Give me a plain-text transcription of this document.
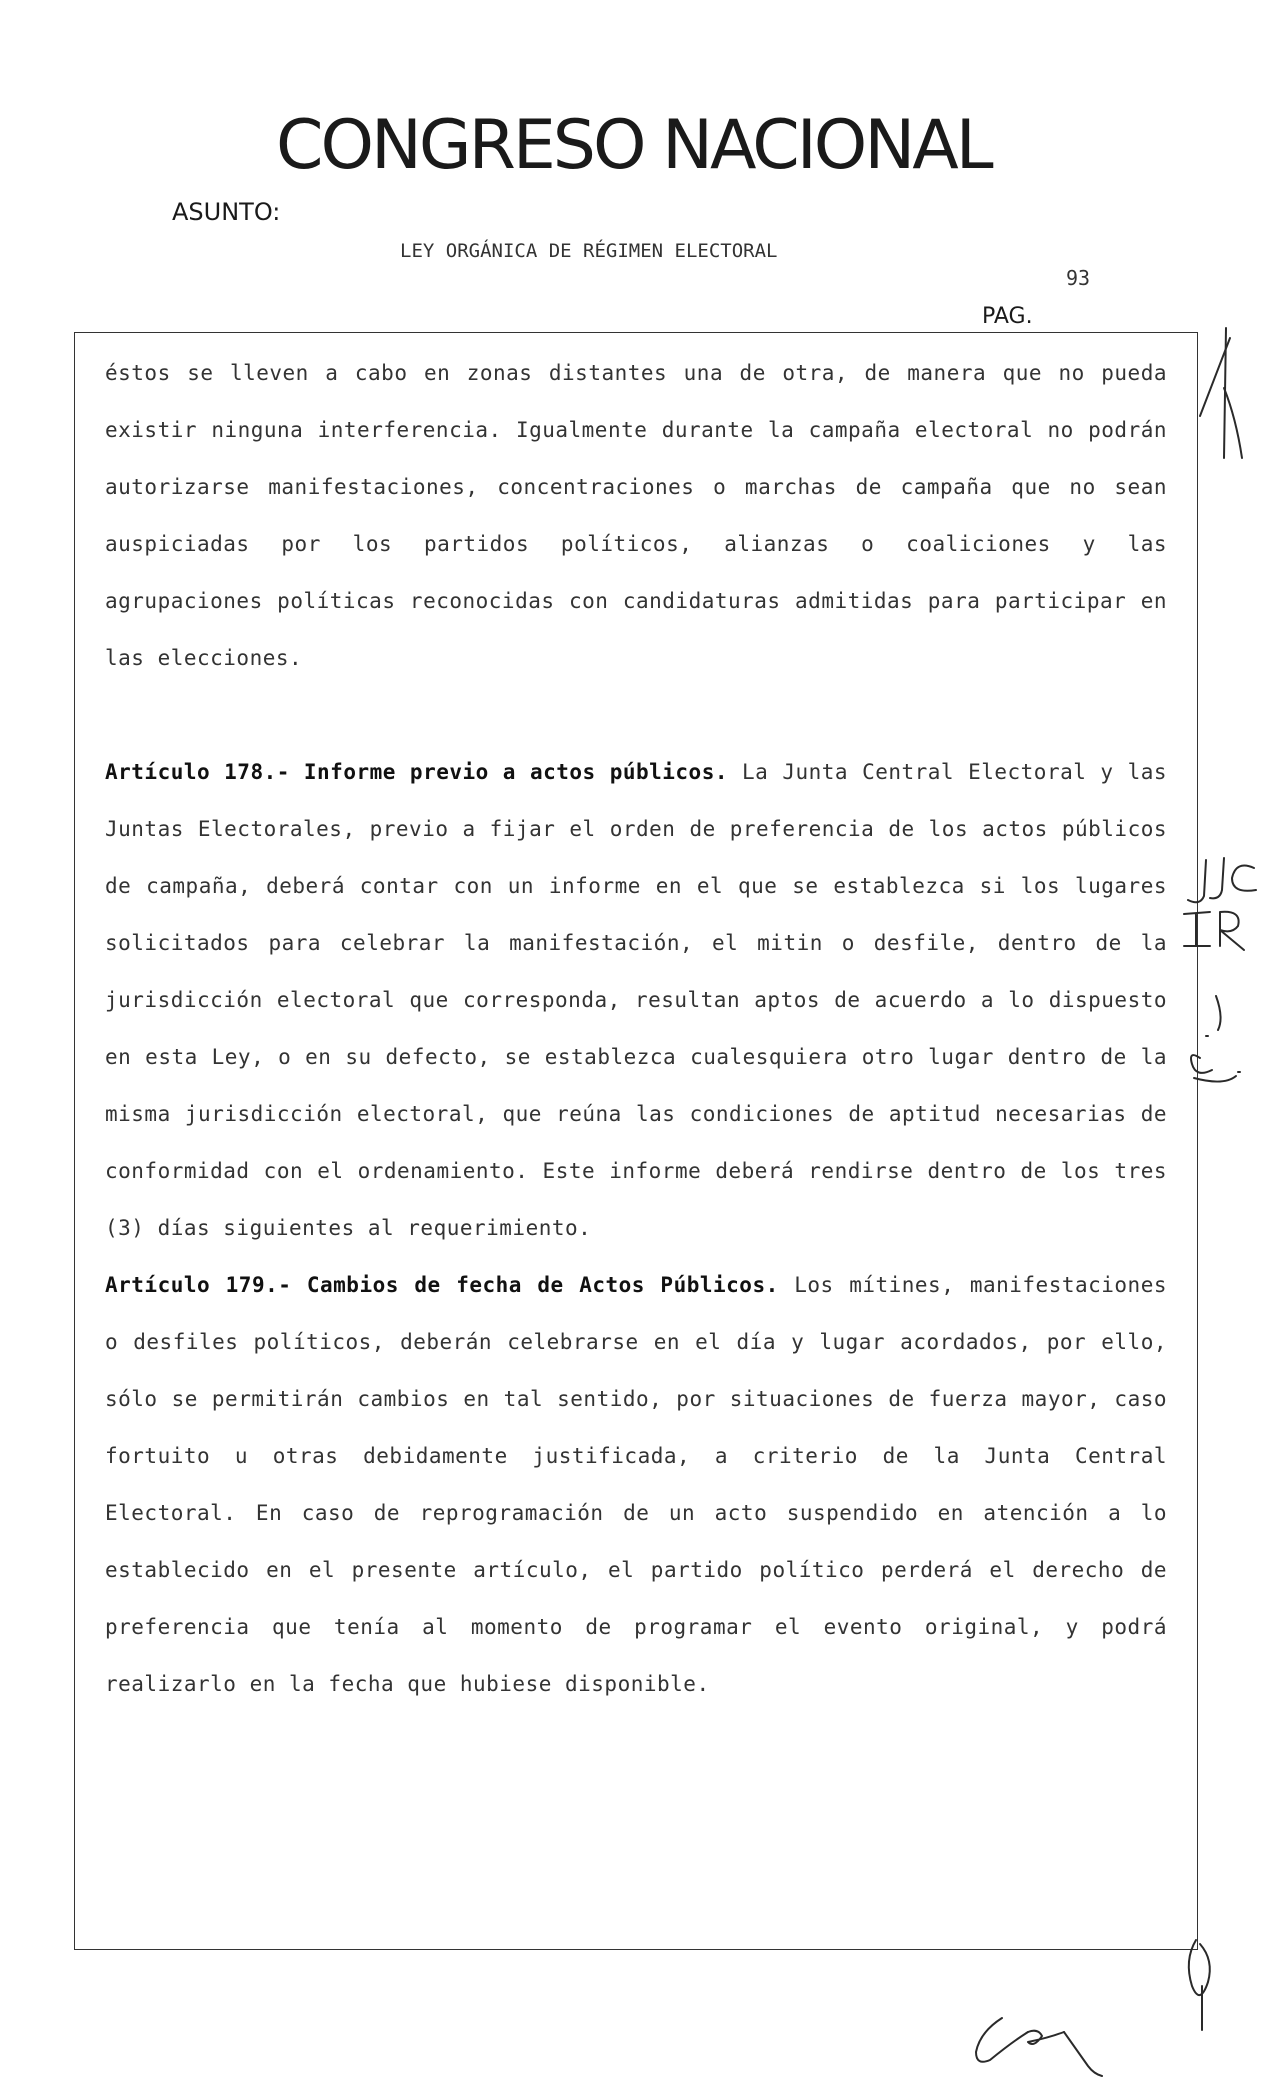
CONGRESO NACIONAL
ASUNTO:
LEY ORGÁNICA DE RÉGIMEN ELECTORAL
93
PAG.

éstos se lleven a cabo en zonas distantes una de otra, de manera que no pueda existir ninguna interferencia. Igualmente durante la campaña electoral no podrán autorizarse manifestaciones, concentraciones o marchas de campaña que no sean auspiciadas por los partidos políticos, alianzas o coaliciones y las agrupaciones políticas reconocidas con candidaturas admitidas para participar en las elecciones.

Artículo 178.- Informe previo a actos públicos. La Junta Central Electoral y las Juntas Electorales, previo a fijar el orden de preferencia de los actos públicos de campaña, deberá contar con un informe en el que se establezca si los lugares solicitados para celebrar la manifestación, el mitin o desfile, dentro de la jurisdicción electoral que corresponda, resultan aptos de acuerdo a lo dispuesto en esta Ley, o en su defecto, se establezca cualesquiera otro lugar dentro de la misma jurisdicción electoral, que reúna las condiciones de aptitud necesarias de conformidad con el ordenamiento. Este informe deberá rendirse dentro de los tres (3) días siguientes al requerimiento.

Artículo 179.- Cambios de fecha de Actos Públicos. Los mítines, manifestaciones o desfiles políticos, deberán celebrarse en el día y lugar acordados, por ello, sólo se permitirán cambios en tal sentido, por situaciones de fuerza mayor, caso fortuito u otras debidamente justificada, a criterio de la Junta Central Electoral. En caso de reprogramación de un acto suspendido en atención a lo establecido en el presente artículo, el partido político perderá el derecho de preferencia que tenía al momento de programar el evento original, y podrá realizarlo en la fecha que hubiese disponible.
